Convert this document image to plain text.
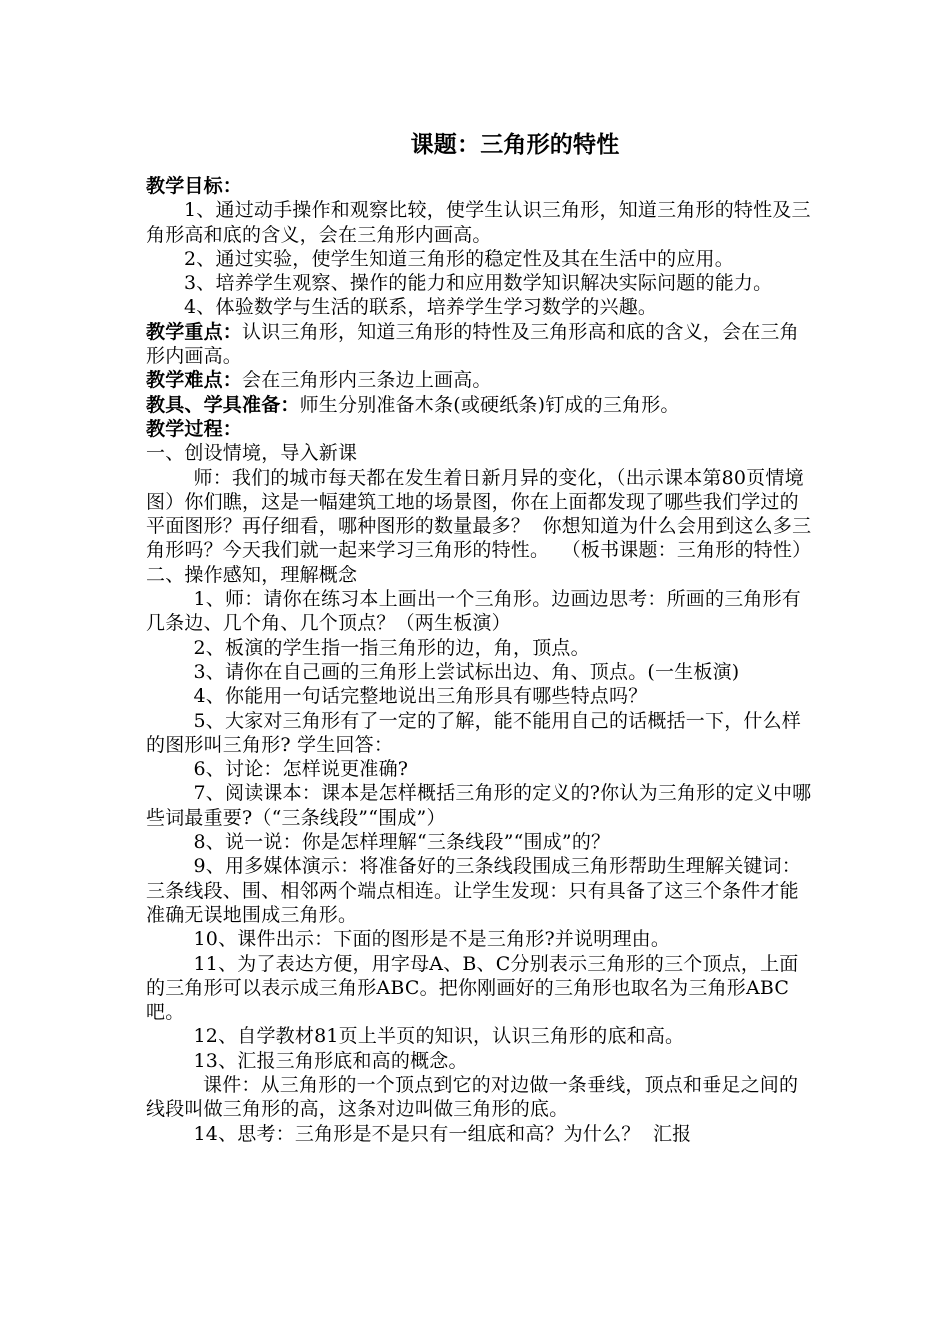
课题：三角形的特性

教学目标：

1、通过动手操作和观察比较，使学生认识三角形，知道三角形的特性及三角形高和底的含义，会在三角形内画高。

2、通过实验，使学生知道三角形的稳定性及其在生活中的应用。

3、培养学生观察、操作的能力和应用数学知识解决实际问题的能力。

4、体验数学与生活的联系，培养学生学习数学的兴趣。

教学重点：认识三角形，知道三角形的特性及三角形高和底的含义，会在三角形内画高。

教学难点：会在三角形内三条边上画高。

教具、学具准备：师生分别准备木条(或硬纸条)钉成的三角形。

教学过程：

一、创设情境，导入新课

师：我们的城市每天都在发生着日新月异的变化，（出示课本第80页情境图）你们瞧，这是一幅建筑工地的场景图，你在上面都发现了哪些我们学过的平面图形？再仔细看，哪种图形的数量最多？  你想知道为什么会用到这么多三角形吗？今天我们就一起来学习三角形的特性。  （板书课题：三角形的特性）

二、操作感知，理解概念

1、师：请你在练习本上画出一个三角形。边画边思考：所画的三角形有几条边、几个角、几个顶点？（两生板演）

2、板演的学生指一指三角形的边，角，顶点。

3、请你在自己画的三角形上尝试标出边、角、顶点。(一生板演)

4、你能用一句话完整地说出三角形具有哪些特点吗？

5、大家对三角形有了一定的了解，能不能用自己的话概括一下，什么样的图形叫三角形? 学生回答：

6、讨论：怎样说更准确?

7、阅读课本：课本是怎样概括三角形的定义的?你认为三角形的定义中哪些词最重要?（“三条线段”“围成”）

8、说一说：你是怎样理解“三条线段”“围成”的？

9、用多媒体演示：将准备好的三条线段围成三角形帮助生理解关键词：三条线段、围、相邻两个端点相连。让学生发现：只有具备了这三个条件才能准确无误地围成三角形。

10、课件出示：下面的图形是不是三角形?并说明理由。

11、为了表达方便，用字母A、B、C分别表示三角形的三个顶点，上面的三角形可以表示成三角形ABC。把你刚画好的三角形也取名为三角形ABC吧。

12、自学教材81页上半页的知识，认识三角形的底和高。

13、汇报三角形底和高的概念。

课件：从三角形的一个顶点到它的对边做一条垂线，顶点和垂足之间的线段叫做三角形的高，这条对边叫做三角形的底。

14、思考：三角形是不是只有一组底和高？为什么？  汇报
